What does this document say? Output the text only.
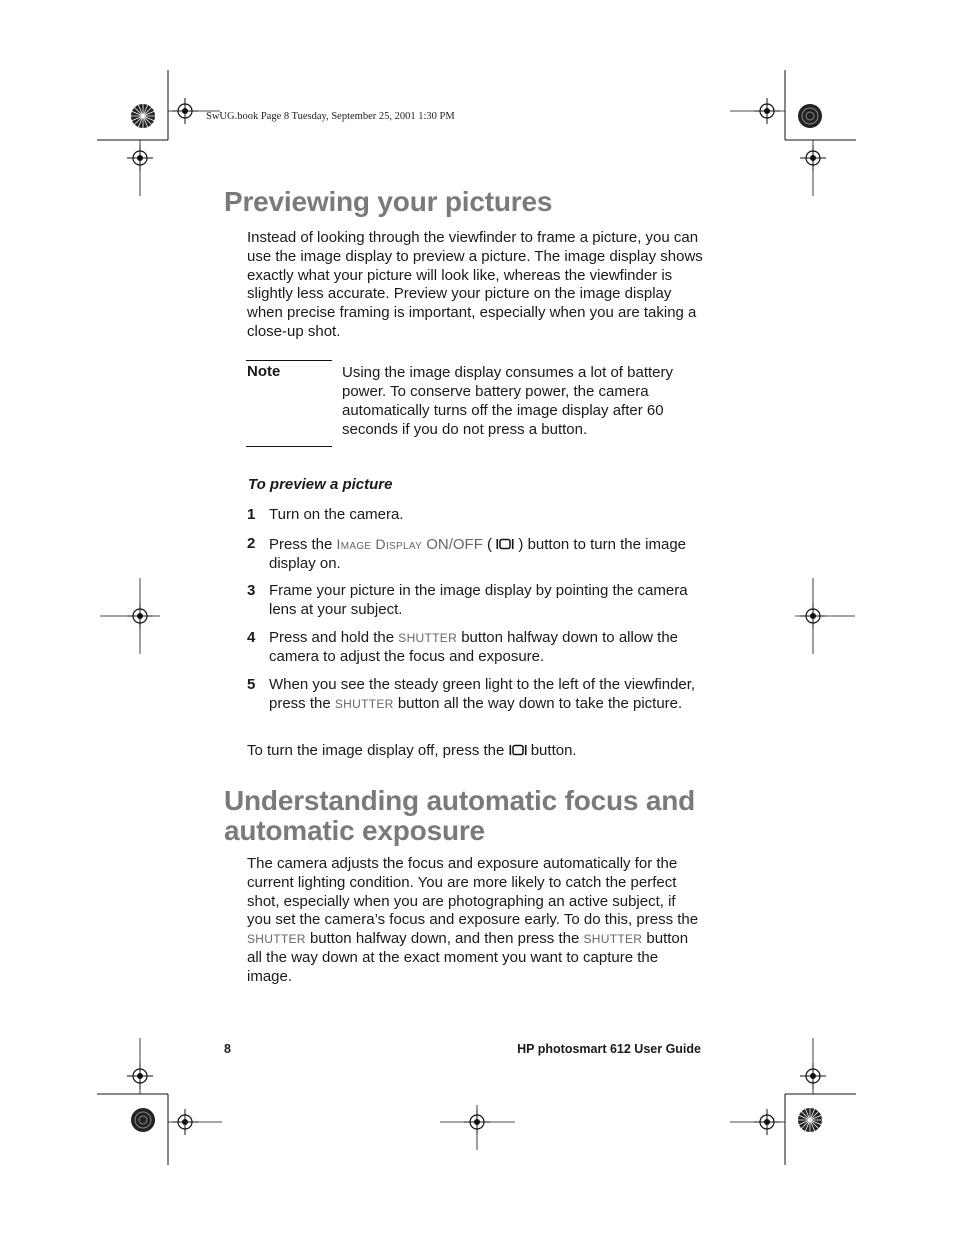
SwUG.book Page 8 Tuesday, September 25, 2001 1:30 PM
Previewing your pictures

Instead of looking through the viewfinder to frame a picture, you can use the image display to preview a picture. The image display shows exactly what your picture will look like, whereas the viewfinder is slightly less accurate. Preview your picture on the image display when precise framing is important, especially when you are taking a close-up shot.

Note	Using the image display consumes a lot of battery power. To conserve battery power, the camera automatically turns off the image display after 60 seconds if you do not press a button.

To preview a picture
1 Turn on the camera.

2 Press the Image Display ON/OFF (  ) button to turn the image display on.

3 Frame your picture in the image display by pointing the camera lens at your subject.

4 Press and hold the SHUTTER button halfway down to allow the camera to adjust the focus and exposure.

5 When you see the steady green light to the left of the viewfinder, press the SHUTTER button all the way down to take the picture.

To turn the image display off, press the  button.

Understanding automatic focus and
automatic exposure

The camera adjusts the focus and exposure automatically for the current lighting condition. You are more likely to catch the perfect shot, especially when you are photographing an active subject, if you set the camera’s focus and exposure early. To do this, press the SHUTTER button halfway down, and then press the SHUTTER button all the way down at the exact moment you want to capture the image.

8	HP photosmart 612 User Guide
